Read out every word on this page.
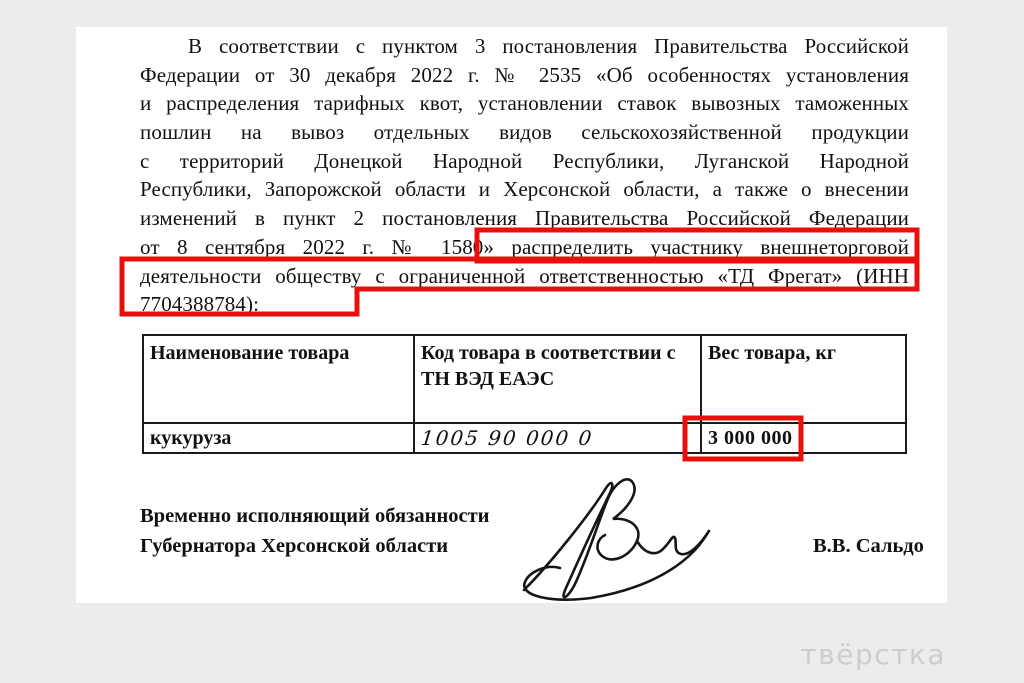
В соответствии с пунктом 3 постановления Правительства Российской
Федерации от 30 декабря 2022 г. № 2535 «Об особенностях установления
и распределения тарифных квот, установлении ставок вывозных таможенных
пошлин на вывоз отдельных видов сельскохозяйственной продукции
с территорий Донецкой Народной Республики, Луганской Народной
Республики, Запорожской области и Херсонской области, а также о внесении
изменений в пункт 2 постановления Правительства Российской Федерации
от 8 сентября 2022 г. № 1580» распределить участнику внешнеторговой
деятельности обществу с ограниченной ответственностью «ТД Фрегат» (ИНН
7704388784):
Наименование товара	Код товара в соответствии с ТН ВЭД ЕАЭС	Вес товара, кг
кукуруза	1005 90 000 0	3 000 000
Временно исполняющий обязанности
Губернатора Херсонской области	В.В. Сальдо
твёрстка
